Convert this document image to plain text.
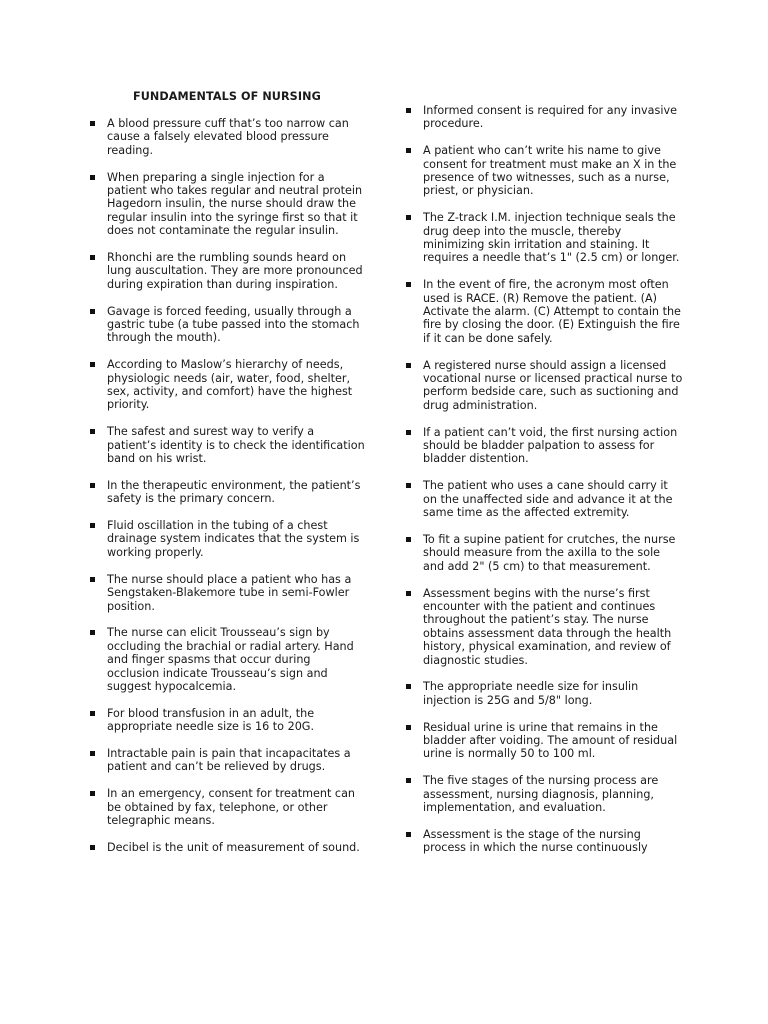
FUNDAMENTALS OF NURSING
A blood pressure cuff that’s too narrow can cause a falsely elevated blood pressure reading.
When preparing a single injection for a patient who takes regular and neutral protein Hagedorn insulin, the nurse should draw the regular insulin into the syringe first so that it does not contaminate the regular insulin.
Rhonchi are the rumbling sounds heard on lung auscultation. They are more pronounced during expiration than during inspiration.
Gavage is forced feeding, usually through a gastric tube (a tube passed into the stomach through the mouth).
According to Maslow’s hierarchy of needs, physiologic needs (air, water, food, shelter, sex, activity, and comfort) have the highest priority.
The safest and surest way to verify a patient’s identity is to check the identification band on his wrist.
In the therapeutic environment, the patient’s safety is the primary concern.
Fluid oscillation in the tubing of a chest drainage system indicates that the system is working properly.
The nurse should place a patient who has a Sengstaken-Blakemore tube in semi-Fowler position.
The nurse can elicit Trousseau’s sign by occluding the brachial or radial artery. Hand and finger spasms that occur during occlusion indicate Trousseau’s sign and suggest hypocalcemia.
For blood transfusion in an adult, the appropriate needle size is 16 to 20G.
Intractable pain is pain that incapacitates a patient and can’t be relieved by drugs.
In an emergency, consent for treatment can be obtained by fax, telephone, or other telegraphic means.
Decibel is the unit of measurement of sound.
Informed consent is required for any invasive procedure.
A patient who can’t write his name to give consent for treatment must make an X in the presence of two witnesses, such as a nurse, priest, or physician.
The Z-track I.M. injection technique seals the drug deep into the muscle, thereby minimizing skin irritation and staining. It requires a needle that’s 1" (2.5 cm) or longer.
In the event of fire, the acronym most often used is RACE. (R) Remove the patient. (A) Activate the alarm. (C) Attempt to contain the fire by closing the door. (E) Extinguish the fire if it can be done safely.
A registered nurse should assign a licensed vocational nurse or licensed practical nurse to perform bedside care, such as suctioning and drug administration.
If a patient can’t void, the first nursing action should be bladder palpation to assess for bladder distention.
The patient who uses a cane should carry it on the unaffected side and advance it at the same time as the affected extremity.
To fit a supine patient for crutches, the nurse should measure from the axilla to the sole and add 2" (5 cm) to that measurement.
Assessment begins with the nurse’s first encounter with the patient and continues throughout the patient’s stay. The nurse obtains assessment data through the health history, physical examination, and review of diagnostic studies.
The appropriate needle size for insulin injection is 25G and 5/8" long.
Residual urine is urine that remains in the bladder after voiding. The amount of residual urine is normally 50 to 100 ml.
The five stages of the nursing process are assessment, nursing diagnosis, planning, implementation, and evaluation.
Assessment is the stage of the nursing process in which the nurse continuously
